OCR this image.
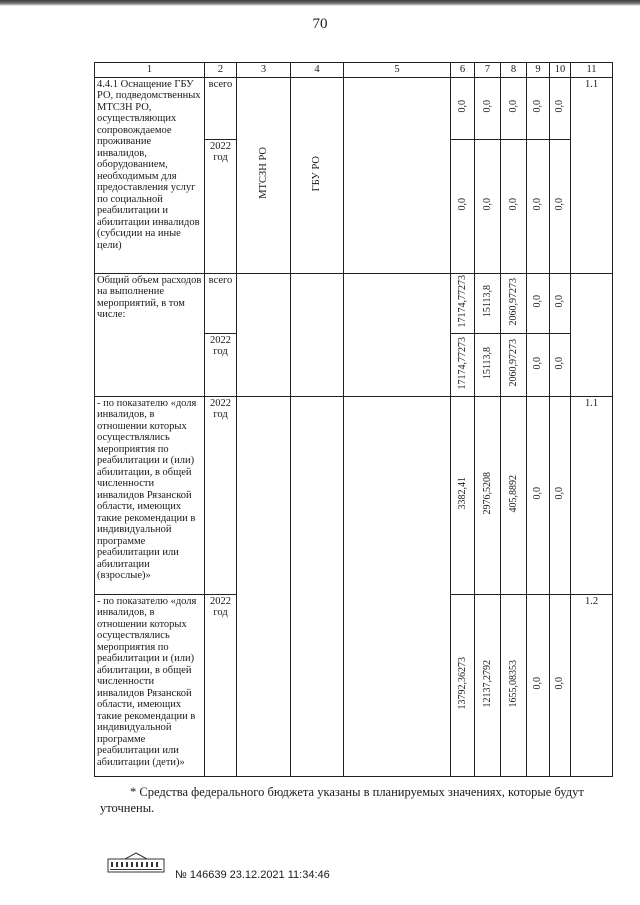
70
1	2	3	4	5	6	7	8	9	10	11
4.4.1 Оснащение ГБУ РО, подведомственных МТСЗН РО, осуществляющих сопровождаемое проживание инвалидов, оборудованием, необходимым для предоставления услуг по социальной реабилитации и абилитации инвалидов (субсидии на иные цели)	всего	МТСЗН РО	ГБУ РО		0,0	0,0	0,0	0,0	0,0	1.1
	2022 год				0,0	0,0	0,0	0,0	0,0	
Общий объем расходов на выполнение мероприятий, в том числе:	всего				17174,77273	15113,8	2060,97273	0,0	0,0	
	2022 год				17174,77273	15113,8	2060,97273	0,0	0,0	
- по показателю «доля инвалидов, в отношении которых осуществлялись мероприятия по реабилитации и (или) абилитации, в общей численности инвалидов Рязанской области, имеющих такие рекомендации в индивидуальной программе реабилитации или абилитации (взрослые)»	2022 год				3382,41	2976,5208	405,8892	0,0	0,0	1.1
- по показателю «доля инвалидов, в отношении которых осуществлялись мероприятия по реабилитации и (или) абилитации, в общей численности инвалидов Рязанской области, имеющих такие рекомендации в индивидуальной программе реабилитации или абилитации (дети)»	2022 год				13792,36273	12137,2792	1655,08353	0,0	0,0	1.2
* Средства федерального бюджета указаны в планируемых значениях, которые будут уточнены.
№ 146639 23.12.2021 11:34:46
